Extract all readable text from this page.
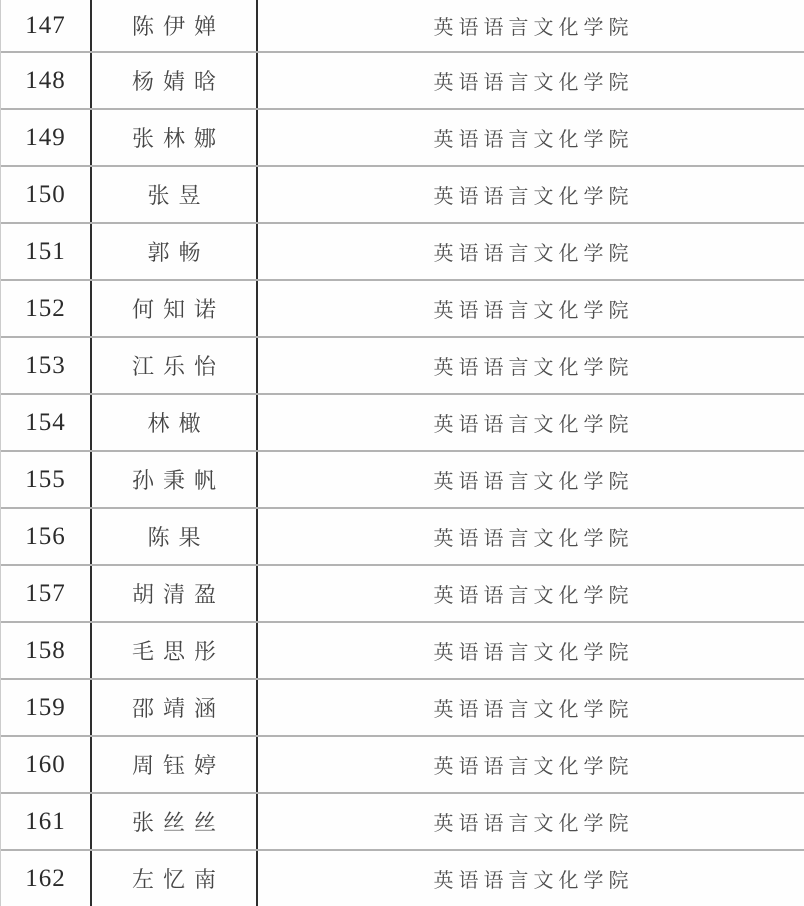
147	陈伊婵	英语语言文化学院
148	杨婧晗	英语语言文化学院
149	张林娜	英语语言文化学院
150	张昱	英语语言文化学院
151	郭畅	英语语言文化学院
152	何知诺	英语语言文化学院
153	江乐怡	英语语言文化学院
154	林橄	英语语言文化学院
155	孙秉帆	英语语言文化学院
156	陈果	英语语言文化学院
157	胡清盈	英语语言文化学院
158	毛思彤	英语语言文化学院
159	邵靖涵	英语语言文化学院
160	周钰婷	英语语言文化学院
161	张丝丝	英语语言文化学院
162	左忆南	英语语言文化学院
